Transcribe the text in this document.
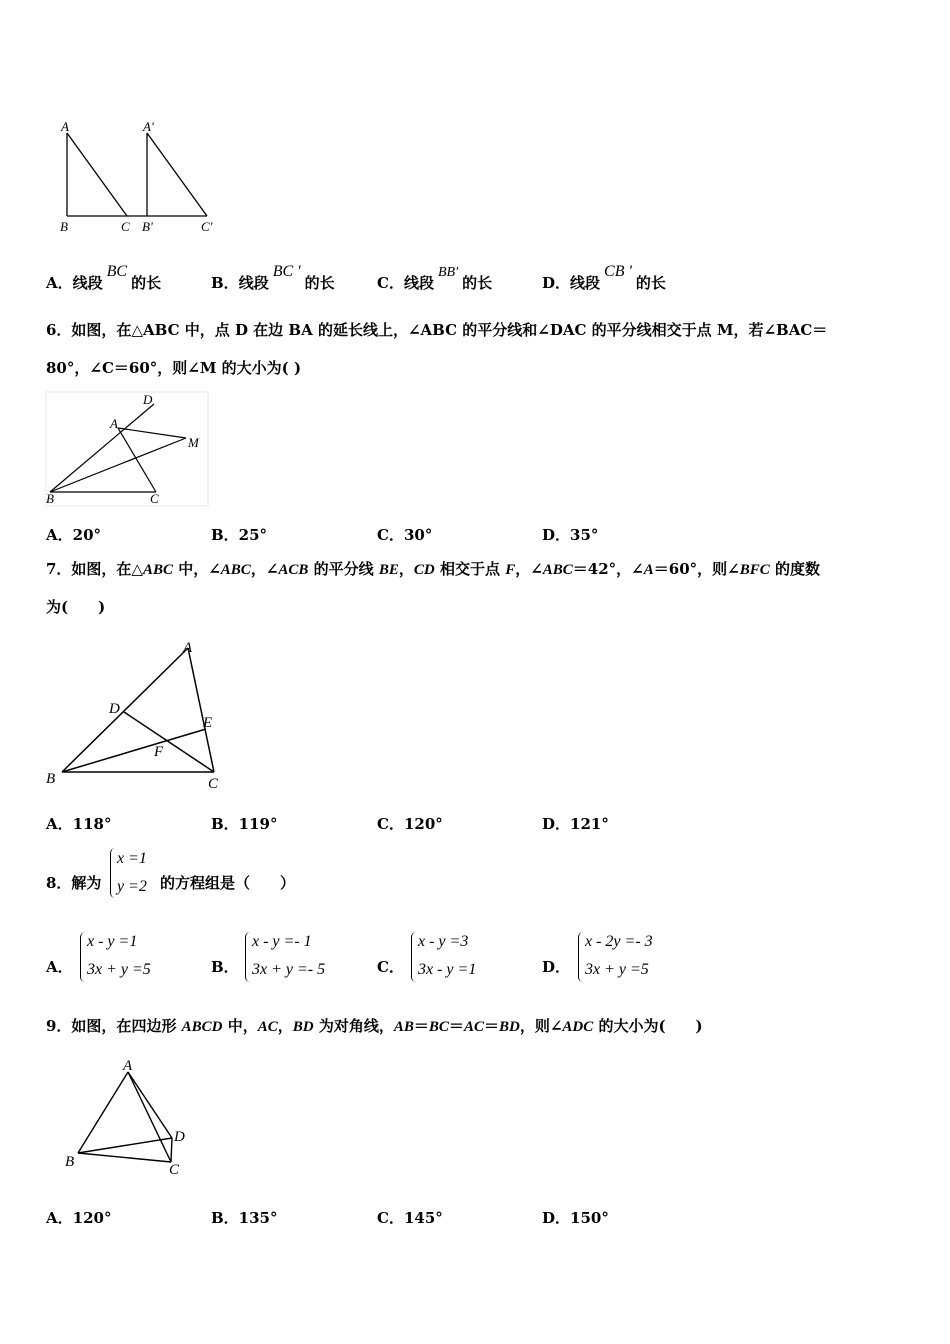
A
B	C
A'
B'	C'
A．线段BC的长	B．线段BC '的长	C．线段BB'的长	D．线段CB '的长
6．如图，在△ABC 中，点 D 在边 BA 的延长线上，∠ABC 的平分线和∠DAC 的平分线相交于点 M，若∠BAC＝
80°，∠C＝60°，则∠M 的大小为( )
A
B	C
D
M
A．20°	B．25°	C．30°	D．35°
7．如图，在△ABC 中，∠ABC，∠ACB 的平分线 BE，CD 相交于点 F，∠ABC＝42°，∠A＝60°，则∠BFC 的度数
为(　　)
A
B	C
D
E
F
A．118°	B．119°	C．120°	D．121°
8．解为
x =1
y =2 的方程组是（　　）
A．
x - y =1
3x + y =5	B．
x - y =- 1
3x + y =- 5	C．
x - y =3
3x - y =1	D．
x - 2y =- 3
3x + y =5
9．如图，在四边形 ABCD 中，AC，BD 为对角线，AB＝BC＝AC＝BD，则∠ADC 的大小为(　　)
A
B	C
D
A．120°	B．135°	C．145°	D．150°
